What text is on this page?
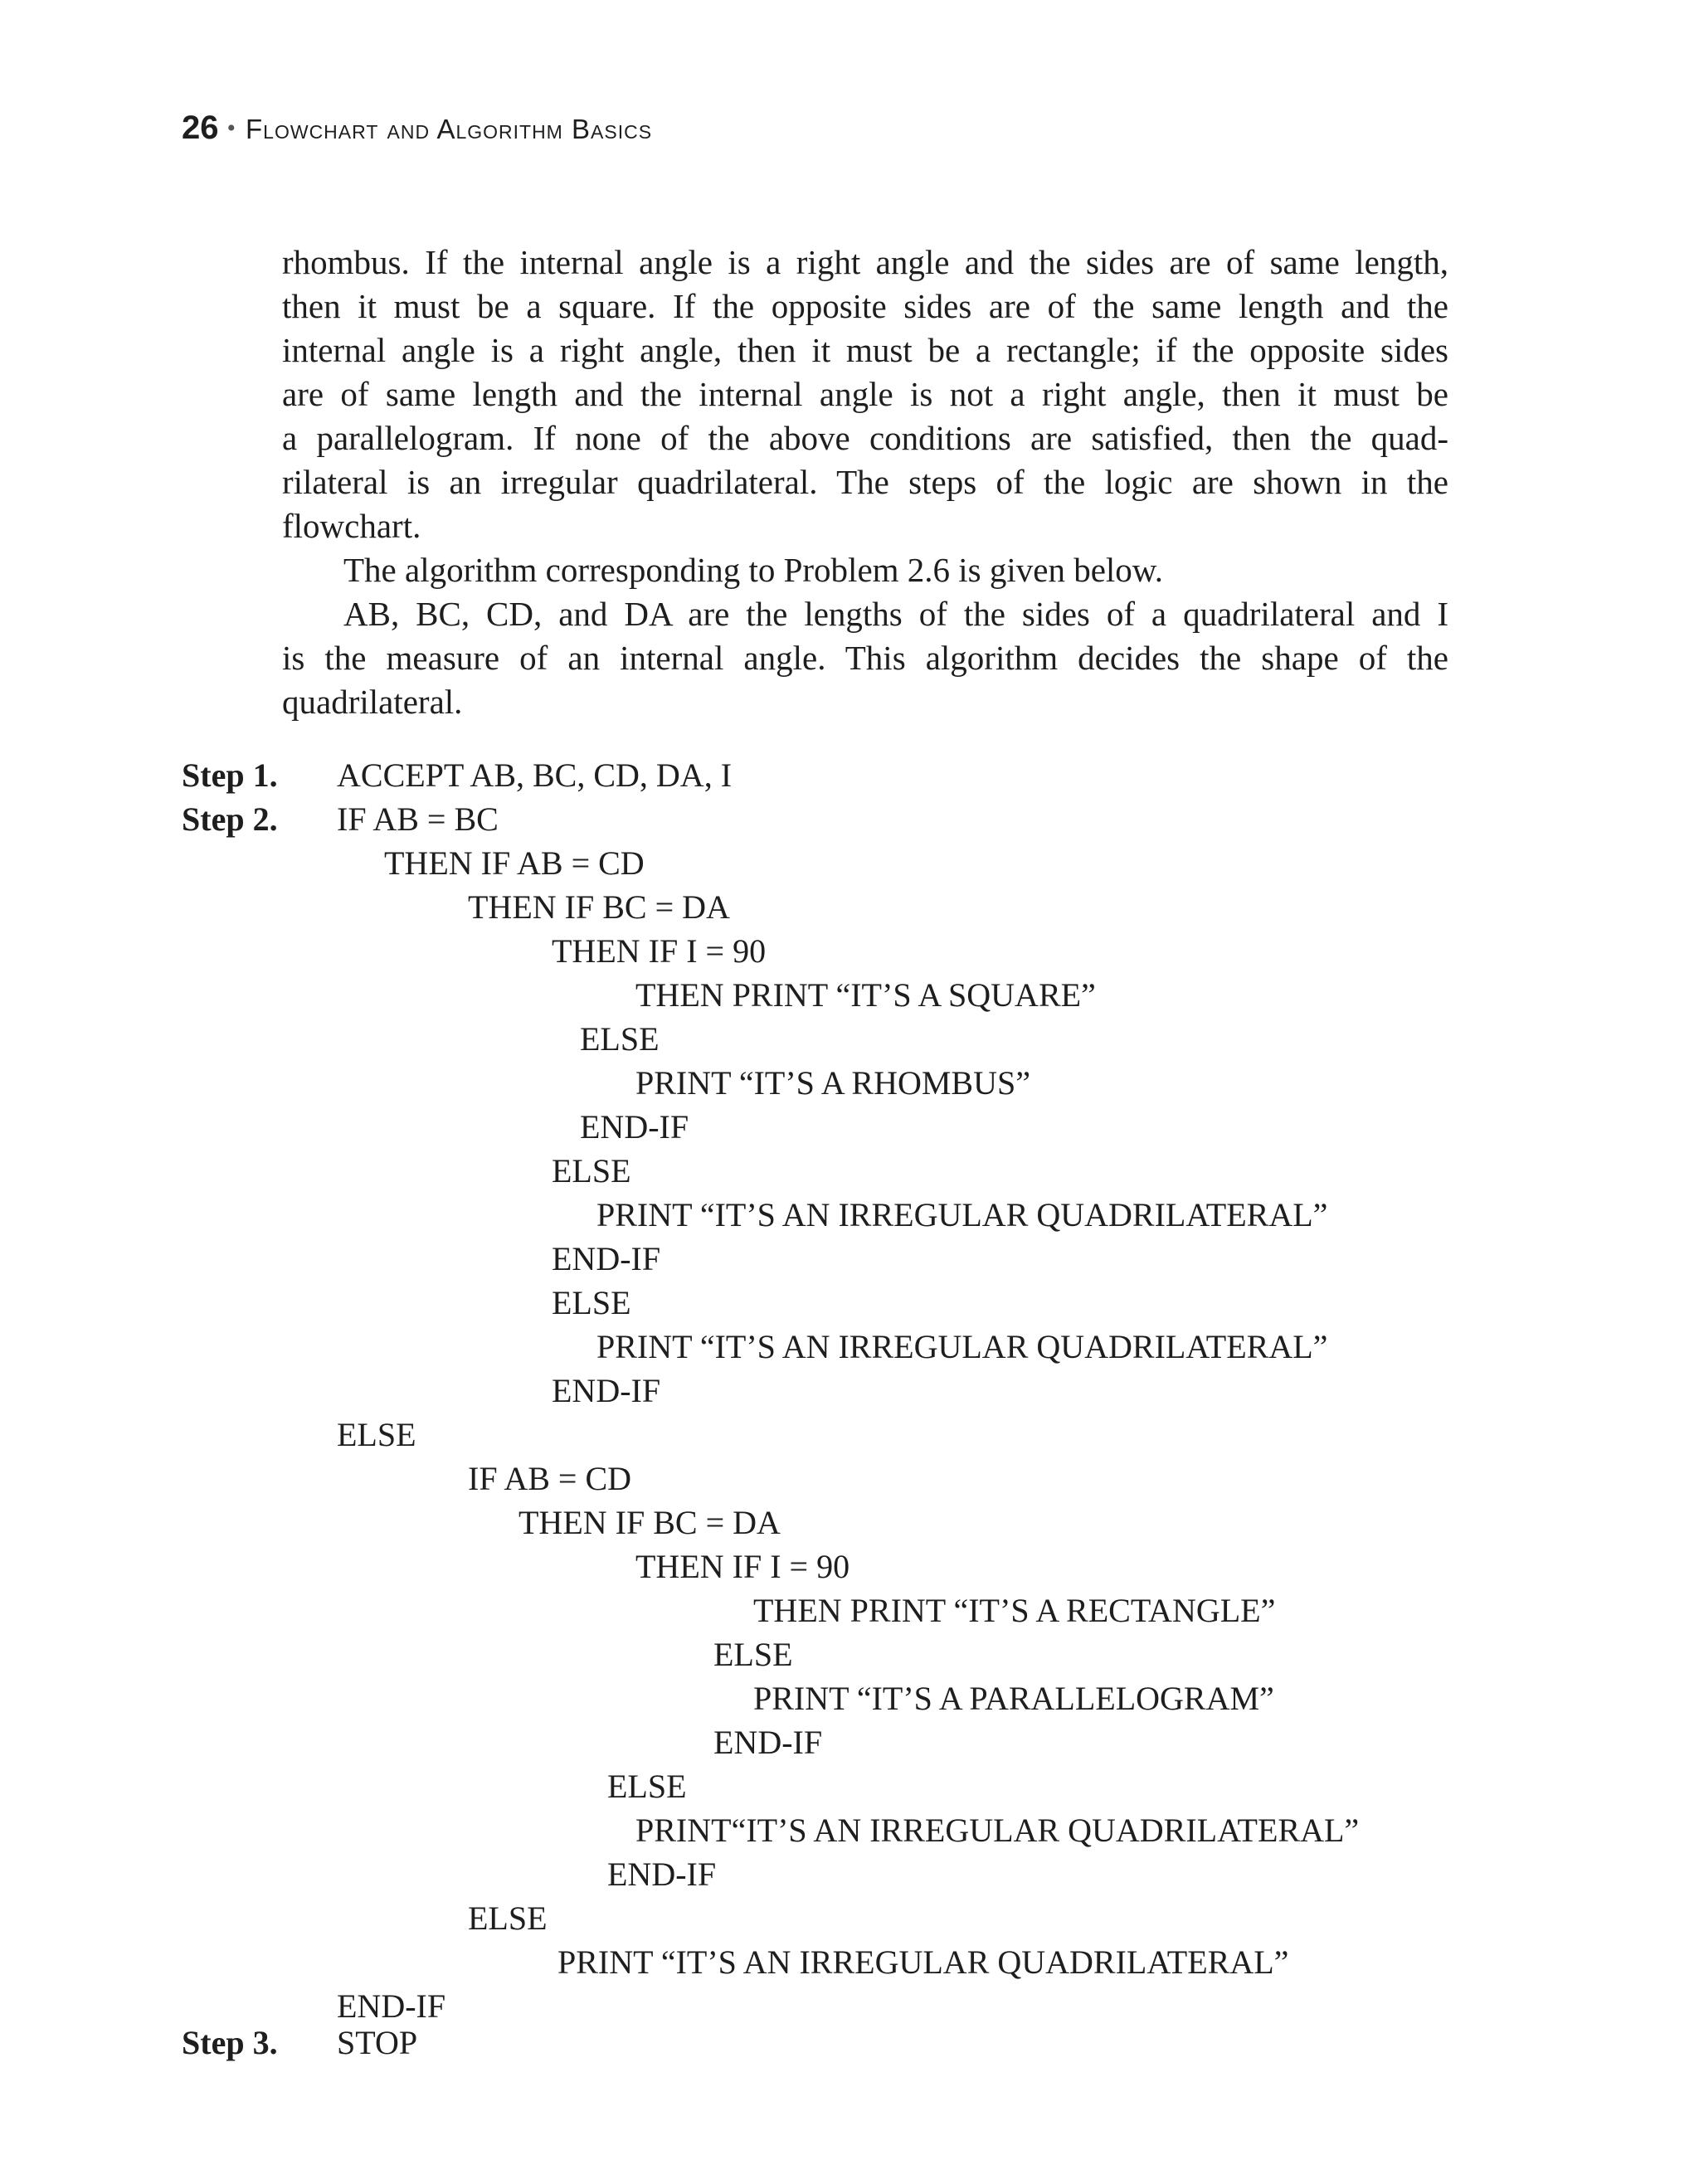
26 • Flowchart and Algorithm Basics
rhombus. If the internal angle is a right angle and the sides are of same length,
then it must be a square. If the opposite sides are of the same length and the
internal angle is a right angle, then it must be a rectangle; if the opposite sides
are of same length and the internal angle is not a right angle, then it must be
a parallelogram. If none of the above conditions are satisfied, then the quad-
rilateral is an irregular quadrilateral. The steps of the logic are shown in the
flowchart.
The algorithm corresponding to Problem 2.6 is given below.
AB, BC, CD, and DA are the lengths of the sides of a quadrilateral and I
is the measure of an internal angle. This algorithm decides the shape of the
quadrilateral.
Step 1.
Step 2.
Step 3.
ACCEPT AB, BC, CD, DA, I
IF AB = BC
THEN IF AB = CD
THEN IF BC = DA
THEN IF I = 90
THEN PRINT “IT’S A SQUARE”
ELSE
PRINT “IT’S A RHOMBUS”
END-IF
ELSE
PRINT “IT’S AN IRREGULAR QUADRILATERAL”
END-IF
ELSE
PRINT “IT’S AN IRREGULAR QUADRILATERAL”
END-IF
ELSE
IF AB = CD
THEN IF BC = DA
THEN IF I = 90
THEN PRINT “IT’S A RECTANGLE”
ELSE
PRINT “IT’S A PARALLELOGRAM”
END-IF
ELSE
PRINT“IT’S AN IRREGULAR QUADRILATERAL”
END-IF
ELSE
PRINT “IT’S AN IRREGULAR QUADRILATERAL”
END-IF
STOP
